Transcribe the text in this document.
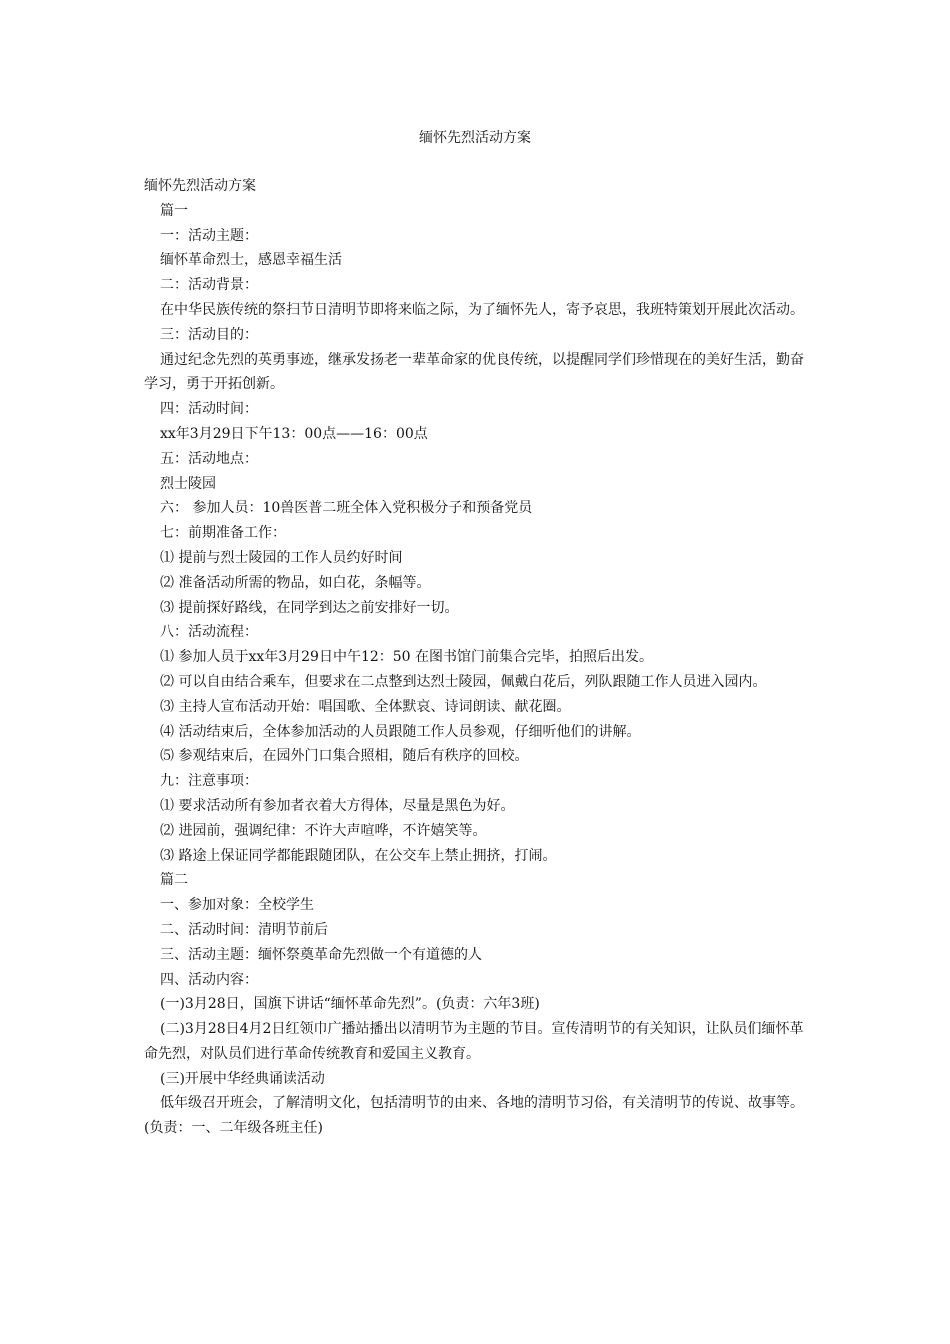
缅怀先烈活动方案

缅怀先烈活动方案

篇一

一：活动主题：

缅怀革命烈士，感恩幸福生活

二：活动背景：

在中华民族传统的祭扫节日清明节即将来临之际，为了缅怀先人，寄予哀思，我班特策划开展此次活动。

三：活动目的：

通过纪念先烈的英勇事迹，继承发扬老一辈革命家的优良传统，以提醒同学们珍惜现在的美好生活，勤奋学习，勇于开拓创新。

四：活动时间：

xx年3月29日下午13：00点——16：00点

五：活动地点：

烈士陵园

六： 参加人员：10兽医普二班全体入党积极分子和预备党员

七：前期准备工作：

⑴ 提前与烈士陵园的工作人员约好时间

⑵ 准备活动所需的物品，如白花，条幅等。

⑶ 提前探好路线，在同学到达之前安排好一切。

八：活动流程：

⑴ 参加人员于xx年3月29日中午12：50 在图书馆门前集合完毕，拍照后出发。

⑵ 可以自由结合乘车，但要求在二点整到达烈士陵园，佩戴白花后，列队跟随工作人员进入园内。

⑶ 主持人宣布活动开始：唱国歌、全体默哀、诗词朗读、献花圈。

⑷ 活动结束后，全体参加活动的人员跟随工作人员参观，仔细听他们的讲解。

⑸ 参观结束后，在园外门口集合照相，随后有秩序的回校。

九：注意事项：

⑴ 要求活动所有参加者衣着大方得体，尽量是黑色为好。

⑵ 进园前，强调纪律：不许大声喧哗，不许嬉笑等。

⑶ 路途上保证同学都能跟随团队，在公交车上禁止拥挤，打闹。

篇二

一、参加对象：全校学生

二、活动时间：清明节前后

三、活动主题：缅怀祭奠革命先烈做一个有道德的人

四、活动内容：

(一)3月28日，国旗下讲话“缅怀革命先烈”。(负责：六年3班)

(二)3月28日4月2日红领巾广播站播出以清明节为主题的节目。宣传清明节的有关知识，让队员们缅怀革命先烈，对队员们进行革命传统教育和爱国主义教育。

(三)开展中华经典诵读活动

低年级召开班会，了解清明文化，包括清明节的由来、各地的清明节习俗，有关清明节的传说、故事等。(负责：一、二年级各班主任)
